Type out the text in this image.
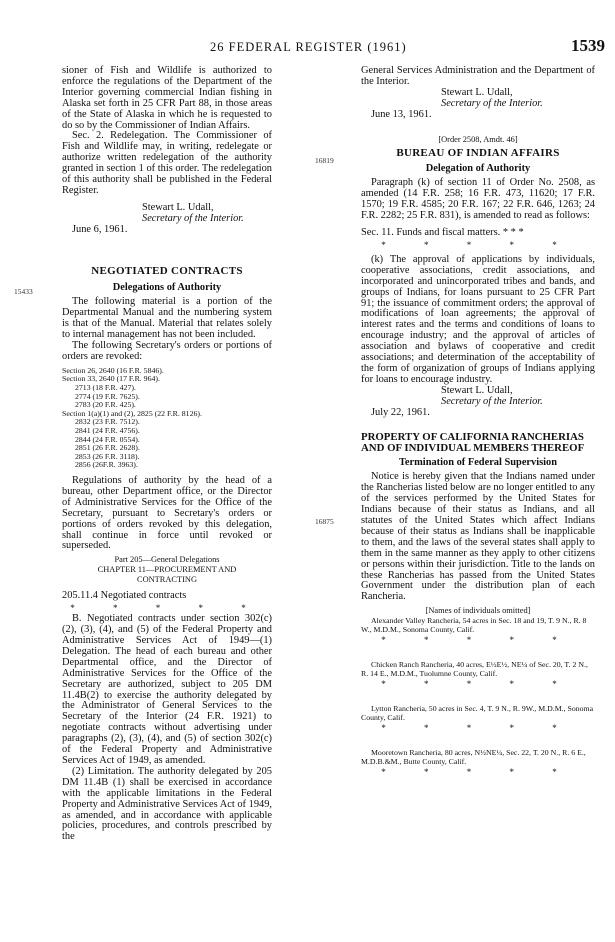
26 FEDERAL REGISTER (1961)	1539
15433
16819
16875

sioner of Fish and Wildlife is authorized to enforce the regulations of the Department of the Interior governing commercial Indian fishing in Alaska set forth in 25 CFR Part 88, in those areas of the State of Alaska in which he is requested to do so by the Commissioner of Indian Affairs.

Sec. 2. Redelegation. The Commissioner of Fish and Wildlife may, in writing, redelegate or authorize written redelegation of the authority granted in section 1 of this order. The redelegation of this authority shall be published in the Federal Register.

Stewart L. Udall,

Secretary of the Interior.

June 6, 1961.

NEGOTIATED CONTRACTS

Delegations of Authority

The following material is a portion of the Departmental Manual and the numbering system is that of the Manual. Material that relates solely to internal management has not been included.

The following Secretary's orders or portions of orders are revoked:

Section 26, 2640 (16 F.R. 5846).
Section 33, 2640 (17 F.R. 964).
2713 (18 F.R. 427).
2774 (19 F.R. 7625).
2783 (20 F.R. 425).
Section 1(a)(1) and (2), 2825 (22 F.R. 8126).
2832 (23 F.R. 7512).
2841 (24 F.R. 4756).
2844 (24 F.R. 0554).
2851 (26 F.R. 2628).
2853 (26 F.R. 3118).
2856 (26F.R. 3963).

Regulations of authority by the head of a bureau, other Department office, or the Director of Administrative Services for the Office of the Secretary, pursuant to Secretary's orders or portions of orders revoked by this delegation, shall continue in force until revoked or superseded.

Part 205—General Delegations

CHAPTER 11—PROCUREMENT AND CONTRACTING

205.11.4 Negotiated contracts

* * * * *

B. Negotiated contracts under section 302(c) (2), (3), (4), and (5) of the Federal Property and Administrative Services Act of 1949—(1) Delegation. The head of each bureau and other Departmental office, and the Director of Administrative Services for the Office of the Secretary are authorized, subject to 205 DM 11.4B(2) to exercise the authority delegated by the Administrator of General Services to the Secretary of the Interior (24 F.R. 1921) to negotiate contracts without advertising under paragraphs (2), (3), (4), and (5) of section 302(c) of the Federal Property and Administrative Services Act of 1949, as amended.

(2) Limitation. The authority delegated by 205 DM 11.4B (1) shall be exercised in accordance with the applicable limitations in the Federal Property and Administrative Services Act of 1949, as amended, and in accordance with applicable policies, procedures, and controls prescribed by the

General Services Administration and the Department of the Interior.

Stewart L. Udall,

Secretary of the Interior.

June 13, 1961.

[Order 2508, Amdt. 46]

BUREAU OF INDIAN AFFAIRS

Delegation of Authority

Paragraph (k) of section 11 of Order No. 2508, as amended (14 F.R. 258; 16 F.R. 473, 11620; 17 F.R. 1570; 19 F.R. 4585; 20 F.R. 167; 22 F.R. 646, 1263; 24 F.R. 2282; 25 F.R. 831), is amended to read as follows:

Sec. 11. Funds and fiscal matters. * * *

* * * * *

(k) The approval of applications by individuals, cooperative associations, credit associations, and incorporated and unincorporated tribes and bands, and groups of Indians, for loans pursuant to 25 CFR Part 91; the issuance of commitment orders; the approval of modifications of loan agreements; the approval of interest rates and the terms and conditions of loans to encourage industry; and the approval of articles of association and bylaws of cooperative and credit associations; and determination of the acceptability of the form of organization of groups of Indians applying for loans to encourage industry.

Stewart L. Udall,

Secretary of the Interior.

July 22, 1961.

PROPERTY OF CALIFORNIA RANCHERIAS AND OF INDIVIDUAL MEMBERS THEREOF

Termination of Federal Supervision

Notice is hereby given that the Indians named under the Rancherias listed below are no longer entitled to any of the services performed by the United States for Indians because of their status as Indians, and all statutes of the United States which affect Indians because of their status as Indians shall be inapplicable to them, and the laws of the several states shall apply to them in the same manner as they apply to other citizens or persons within their jurisdiction. Title to the lands on these Rancherias has passed from the United States Government under the distribution plan of each Rancheria.

[Names of individuals omitted]

Alexander Valley Rancheria, 54 acres in Sec. 18 and 19, T. 9 N., R. 8 W., M.D.M., Sonoma County, Calif.

* * * * *

Chicken Ranch Rancheria, 40 acres, E½E½, NE¼ of Sec. 20, T. 2 N., R. 14 E., M.D.M., Tuolumne County, Calif.

* * * * *

Lytton Rancheria, 50 acres in Sec. 4, T. 9 N., R. 9W., M.D.M., Sonoma County, Calif.

* * * * *

Mooretown Rancheria, 80 acres, N½NE¼, Sec. 22, T. 20 N., R. 6 E., M.D.B.&M., Butte County, Calif.

* * * * *
